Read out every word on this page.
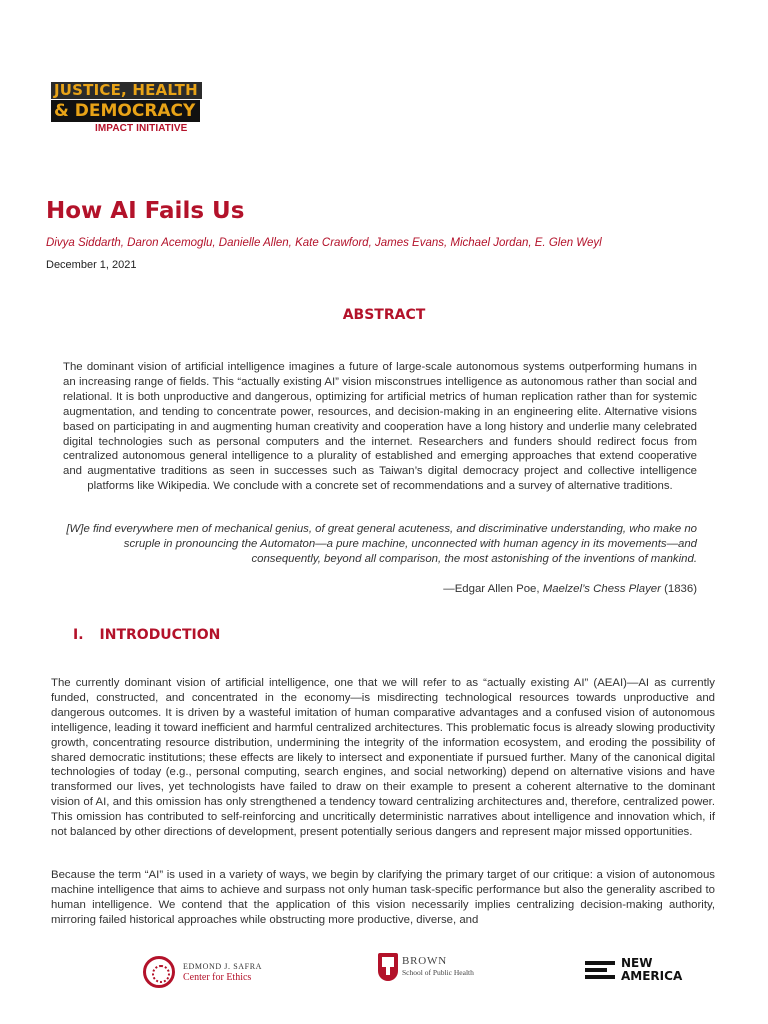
JUSTICE, HEALTH
& DEMOCRACY
IMPACT INITIATIVE
How AI Fails Us
Divya Siddarth, Daron Acemoglu, Danielle Allen, Kate Crawford, James Evans, Michael Jordan, E. Glen Weyl
December 1, 2021
ABSTRACT
The dominant vision of artificial intelligence imagines a future of large-scale autonomous systems outperforming humans in an increasing range of fields. This “actually existing AI” vision misconstrues intelligence as autonomous rather than social and relational. It is both unproductive and dangerous, optimizing for artificial metrics of human replication rather than for systemic augmentation, and tending to concentrate power, resources, and decision-making in an engineering elite. Alternative visions based on participating in and augmenting human creativity and cooperation have a long history and underlie many celebrated digital technologies such as personal computers and the internet. Researchers and funders should redirect focus from centralized autonomous general intelligence to a plurality of established and emerging approaches that extend cooperative and augmentative traditions as seen in successes such as Taiwan’s digital democracy project and collective intelligence platforms like Wikipedia. We conclude with a concrete set of recommendations and a survey of alternative traditions.
[W]e find everywhere men of mechanical genius, of great general acuteness, and discriminative understanding, who make no scruple in pronouncing the Automaton—a pure machine, unconnected with human agency in its movements—and consequently, beyond all comparison, the most astonishing of the inventions of mankind.
—Edgar Allen Poe, Maelzel’s Chess Player (1836)
I. INTRODUCTION
The currently dominant vision of artificial intelligence, one that we will refer to as “actually existing AI” (AEAI)—AI as currently funded, constructed, and concentrated in the economy—is misdirecting technological resources towards unproductive and dangerous outcomes. It is driven by a wasteful imitation of human comparative advantages and a confused vision of autonomous intelligence, leading it toward inefficient and harmful centralized architectures. This problematic focus is already slowing productivity growth, concentrating resource distribution, undermining the integrity of the information ecosystem, and eroding the possibility of shared democratic institutions; these effects are likely to intersect and exponentiate if pursued further. Many of the canonical digital technologies of today (e.g., personal computing, search engines, and social networking) depend on alternative visions and have transformed our lives, yet technologists have failed to draw on their example to present a coherent alternative to the dominant vision of AI, and this omission has only strengthened a tendency toward centralizing architectures and, therefore, centralized power. This omission has contributed to self-reinforcing and uncritically deterministic narratives about intelligence and innovation which, if not balanced by other directions of development, present potentially serious dangers and represent major missed opportunities.
Because the term “AI” is used in a variety of ways, we begin by clarifying the primary target of our critique: a vision of autonomous machine intelligence that aims to achieve and surpass not only human task-specific performance but also the generality ascribed to human intelligence. We contend that the application of this vision necessarily implies centralizing decision-making authority, mirroring failed historical approaches while obstructing more productive, diverse, and
EDMOND J. SAFRA
Center for Ethics
BROWN
School of Public Health
NEW
AMERICA
